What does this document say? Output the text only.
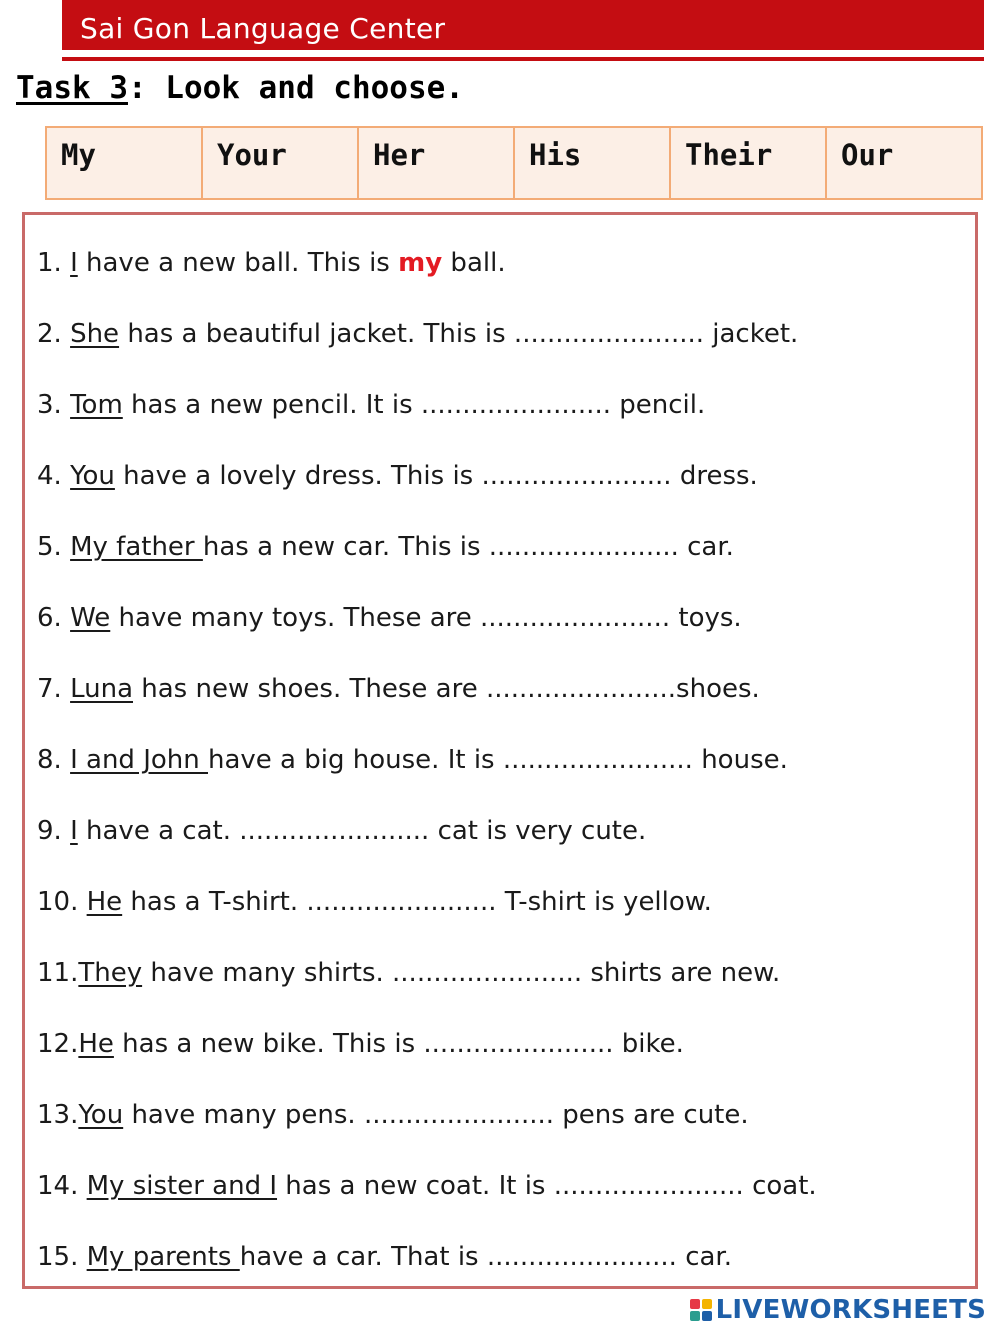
Sai Gon Language Center
Task 3: Look and choose.
My	Your	Her	His	Their	Our
1. I have a new ball. This is my ball.
2. She has a beautiful jacket. This is ....................... jacket.
3. Tom has a new pencil. It is ....................... pencil.
4. You have a lovely dress. This is ....................... dress.
5. My father has a new car. This is ....................... car.
6. We have many toys. These are ....................... toys.
7. Luna has new shoes. These are .......................shoes.
8. I and John have a big house. It is ....................... house.
9. I have a cat. ....................... cat is very cute.
10. He has a T-shirt. ....................... T-shirt is yellow.
11.They have many shirts. ....................... shirts are new.
12.He has a new bike. This is ....................... bike.
13.You have many pens. ....................... pens are cute.
14. My sister and I has a new coat. It is ....................... coat.
15. My parents have a car. That is ....................... car.
LIVEWORKSHEETS
